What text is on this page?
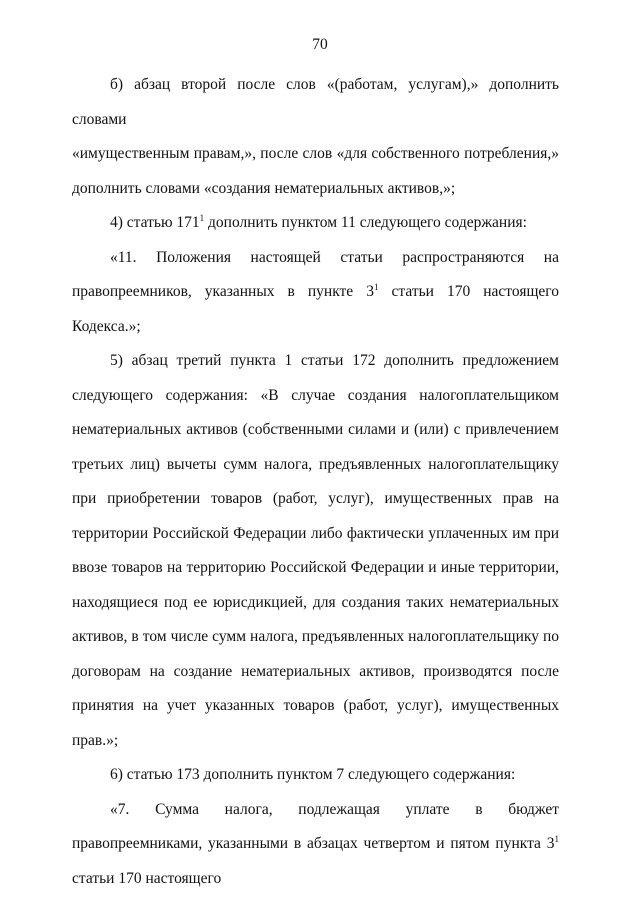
70
б) абзац второй после слов «(работам, услугам),» дополнить словами
«имущественным правам,», после слов «для собственного потребления,»
дополнить словами «создания нематериальных активов,»;

4) статью $171^1$ дополнить пунктом 11 следующего содержания:

«11. Положения настоящей статьи распространяются на правопреемников, указанных в пункте $3^1$ статьи 170 настоящего Кодекса.»;

5) абзац третий пункта 1 статьи 172 дополнить предложением следующего содержания: «В случае создания налогоплательщиком нематериальных активов (собственными силами и (или) с привлечением третьих лиц) вычеты сумм налога, предъявленных налогоплательщику при приобретении товаров (работ, услуг), имущественных прав на территории Российской Федерации либо фактически уплаченных им при ввозе товаров на территорию Российской Федерации и иные территории, находящиеся под ее юрисдикцией, для создания таких нематериальных активов, в том числе сумм налога, предъявленных налогоплательщику по договорам на создание нематериальных активов, производятся после принятия на учет указанных товаров (работ, услуг), имущественных прав.»;

6) статью 173 дополнить пунктом 7 следующего содержания:

«7. Сумма налога, подлежащая уплате в бюджет правопреемниками, указанными в абзацах четвертом и пятом пункта $3^1$ статьи 170 настоящего
